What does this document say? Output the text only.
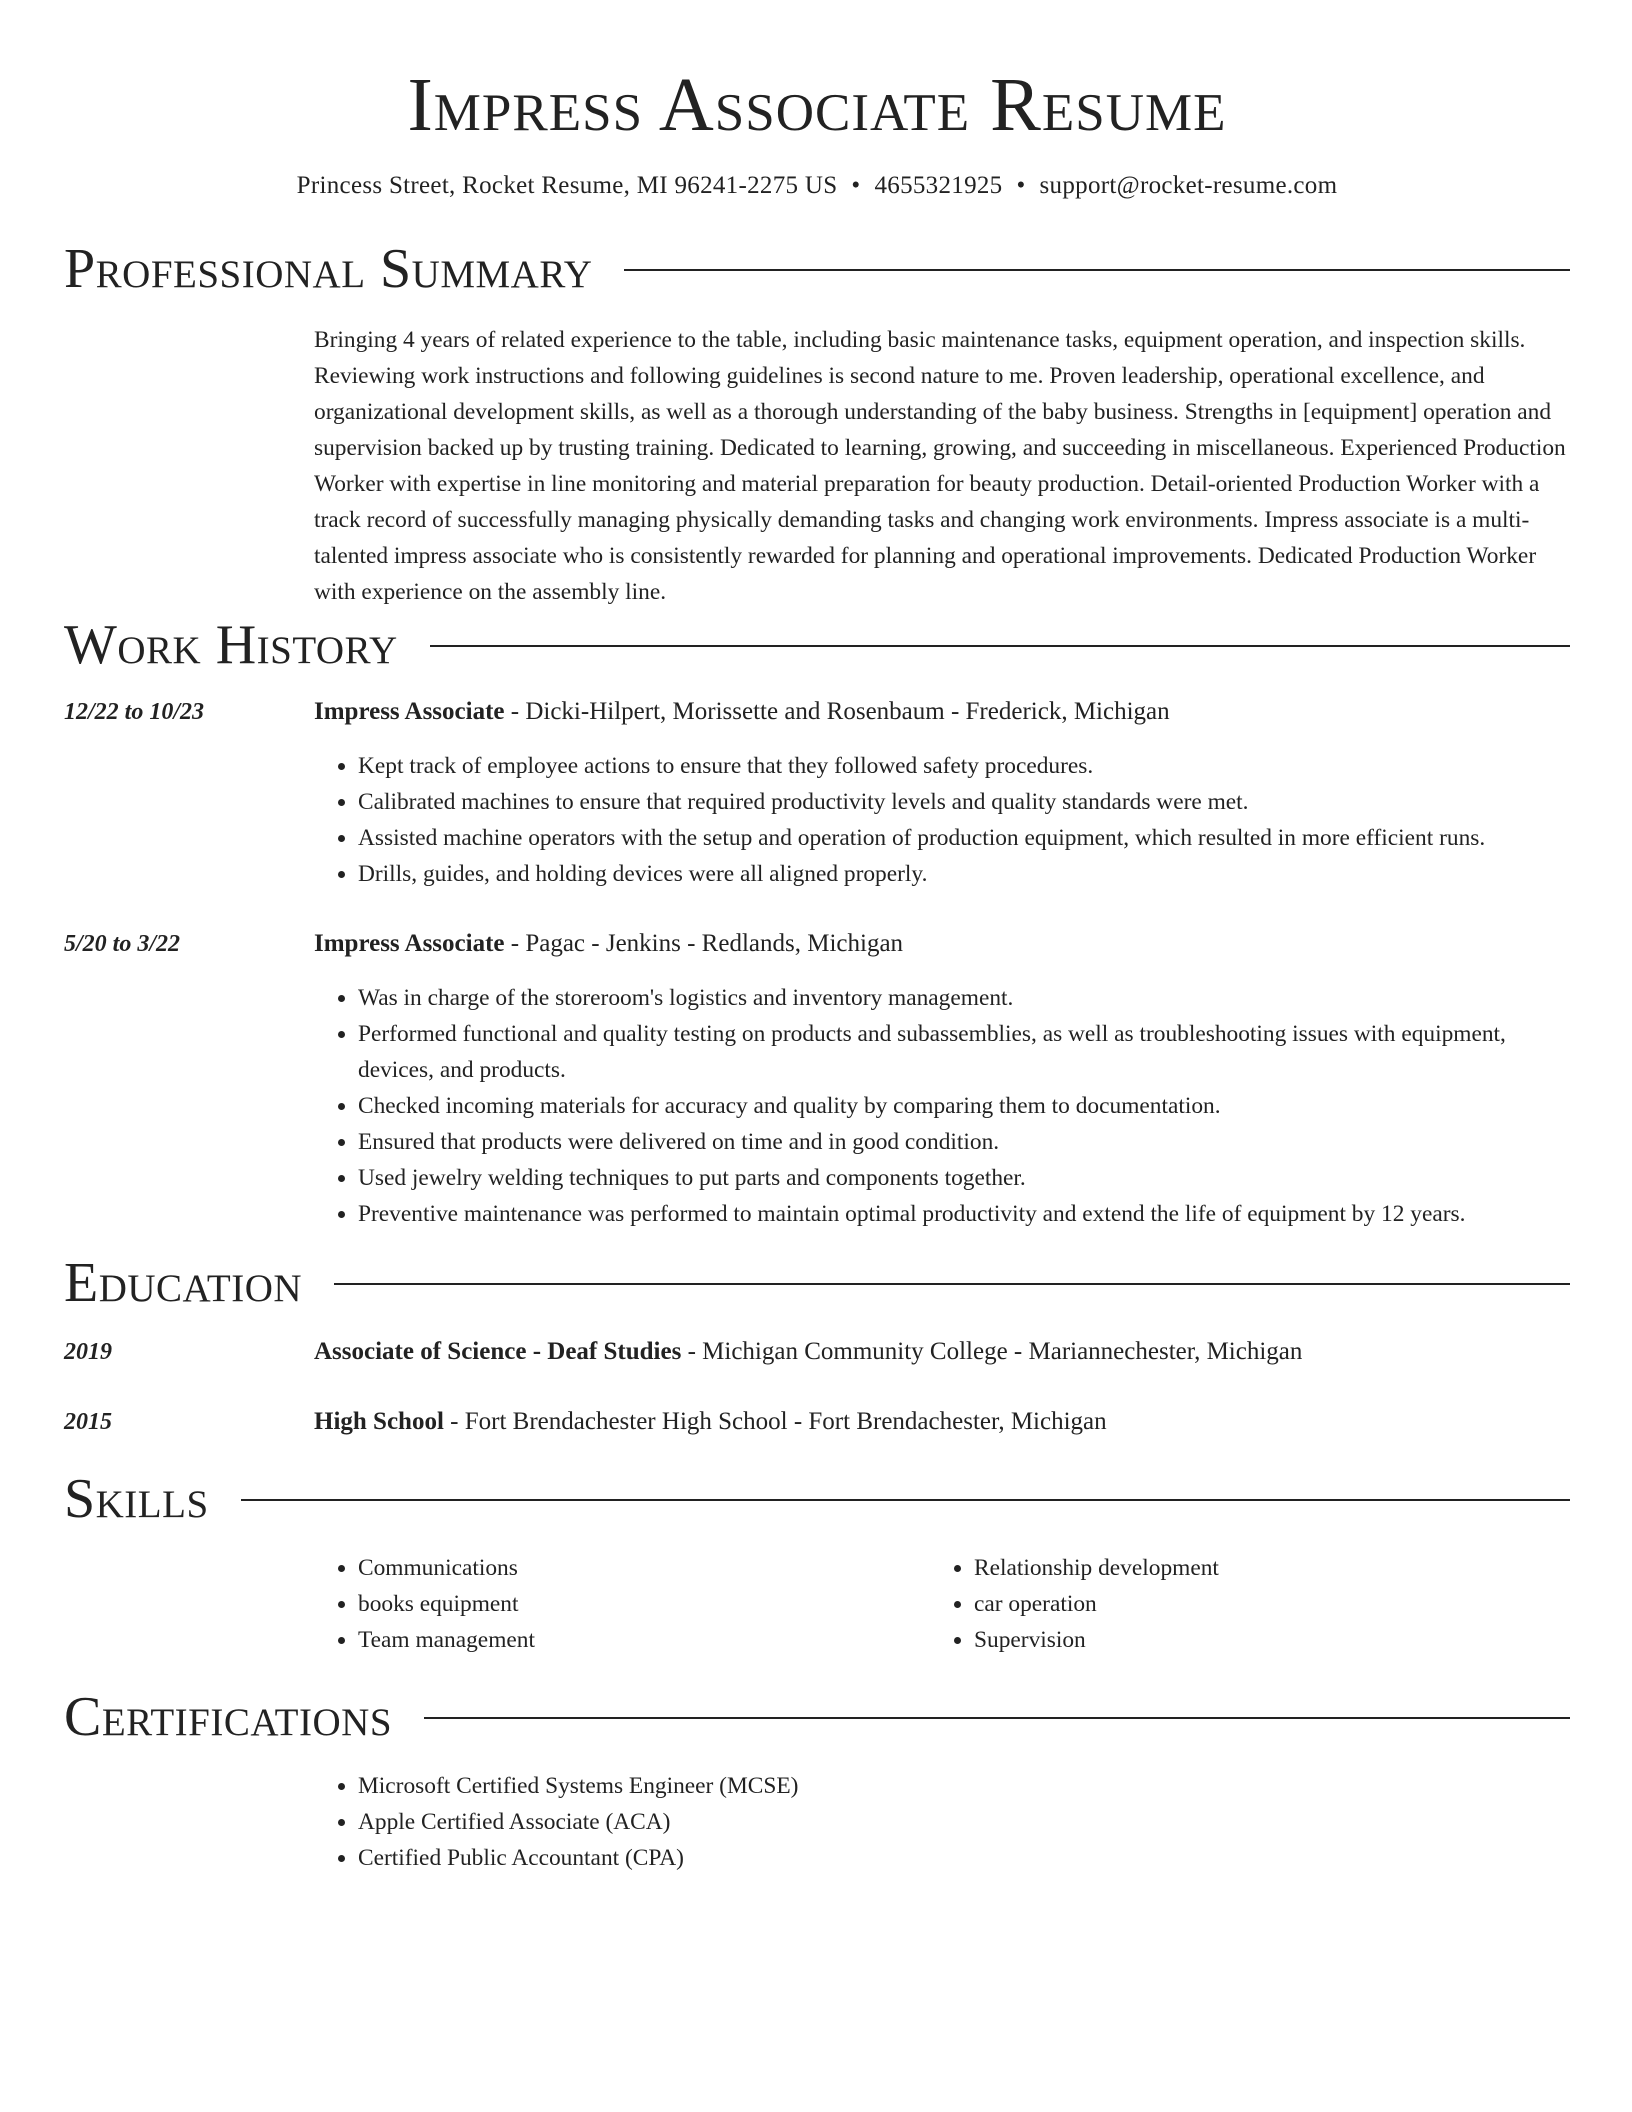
Impress Associate Resume
Princess Street, Rocket Resume, MI 96241-2275 US • 4655321925 • support@rocket-resume.com
Professional Summary

Bringing 4 years of related experience to the table, including basic maintenance tasks, equipment operation, and inspection skills. Reviewing work instructions and following guidelines is second nature to me. Proven leadership, operational excellence, and organizational development skills, as well as a thorough understanding of the baby business. Strengths in [equipment] operation and supervision backed up by trusting training. Dedicated to learning, growing, and succeeding in miscellaneous. Experienced Production Worker with expertise in line monitoring and material preparation for beauty production. Detail-oriented Production Worker with a track record of successfully managing physically demanding tasks and changing work environments. Impress associate is a multi-talented impress associate who is consistently rewarded for planning and operational improvements. Dedicated Production Worker with experience on the assembly line.

Work History
12/22 to 10/23	Impress Associate - Dicki-Hilpert, Morissette and Rosenbaum - Frederick, Michigan
• Kept track of employee actions to ensure that they followed safety procedures.
• Calibrated machines to ensure that required productivity levels and quality standards were met.
• Assisted machine operators with the setup and operation of production equipment, which resulted in more efficient runs.
• Drills, guides, and holding devices were all aligned properly.
5/20 to 3/22	Impress Associate - Pagac - Jenkins - Redlands, Michigan
• Was in charge of the storeroom's logistics and inventory management.
• Performed functional and quality testing on products and subassemblies, as well as troubleshooting issues with equipment, devices, and products.
• Checked incoming materials for accuracy and quality by comparing them to documentation.
• Ensured that products were delivered on time and in good condition.
• Used jewelry welding techniques to put parts and components together.
• Preventive maintenance was performed to maintain optimal productivity and extend the life of equipment by 12 years.
Education
2019	Associate of Science - Deaf Studies - Michigan Community College - Mariannechester, Michigan
2015	High School - Fort Brendachester High School - Fort Brendachester, Michigan
Skills
• Communications
• books equipment
• Team management
• Relationship development
• car operation
• Supervision
Certifications
• Microsoft Certified Systems Engineer (MCSE)
• Apple Certified Associate (ACA)
• Certified Public Accountant (CPA)
